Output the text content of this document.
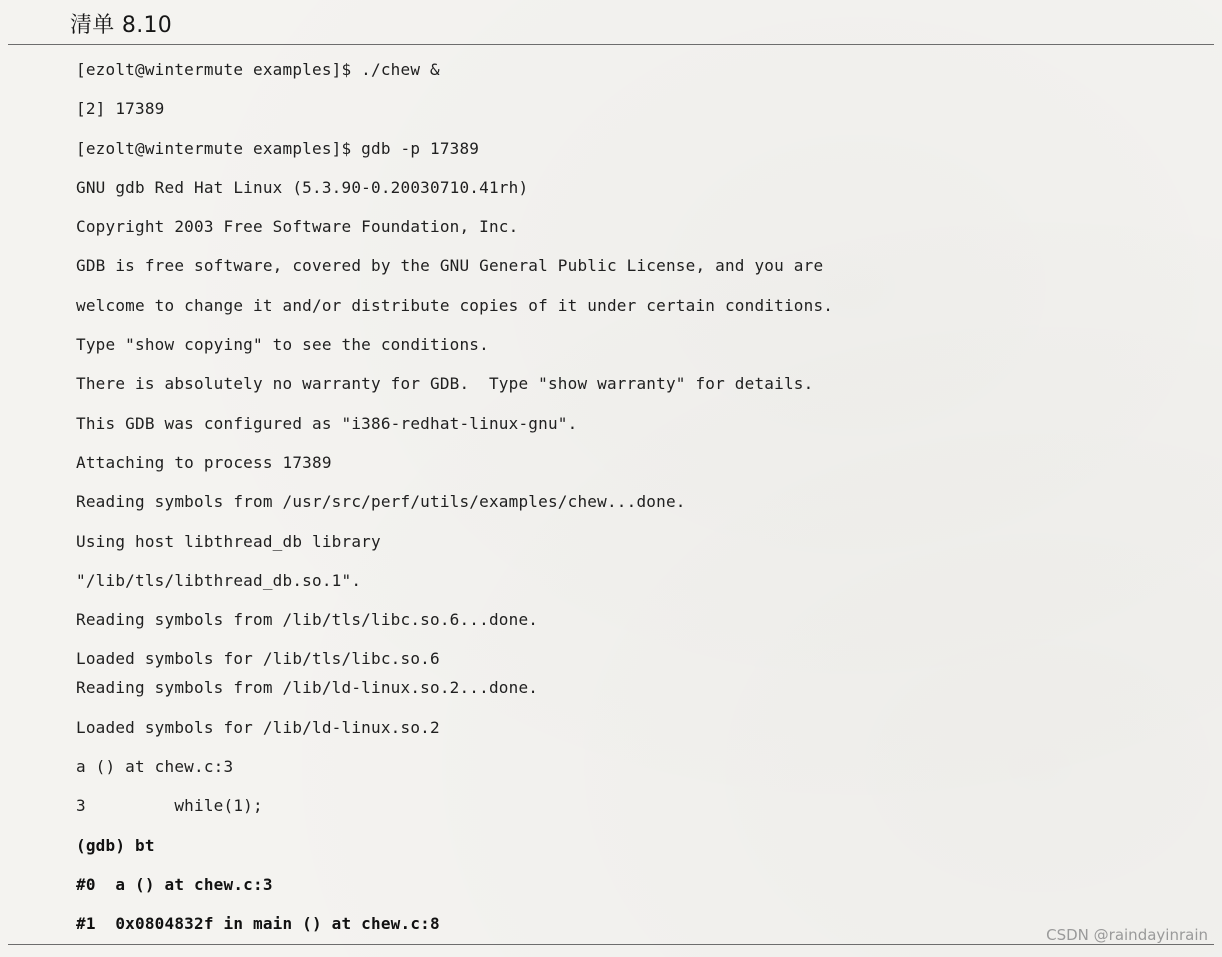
清单 8.10
[ezolt@wintermute examples]$ ./chew &
[2] 17389
[ezolt@wintermute examples]$ gdb -p 17389
GNU gdb Red Hat Linux (5.3.90-0.20030710.41rh)
Copyright 2003 Free Software Foundation, Inc.
GDB is free software, covered by the GNU General Public License, and you are
welcome to change it and/or distribute copies of it under certain conditions.
Type "show copying" to see the conditions.
There is absolutely no warranty for GDB.  Type "show warranty" for details.
This GDB was configured as "i386-redhat-linux-gnu".
Attaching to process 17389
Reading symbols from /usr/src/perf/utils/examples/chew...done.
Using host libthread_db library
"/lib/tls/libthread_db.so.1".
Reading symbols from /lib/tls/libc.so.6...done.
Loaded symbols for /lib/tls/libc.so.6
Reading symbols from /lib/ld-linux.so.2...done.
Loaded symbols for /lib/ld-linux.so.2
a () at chew.c:3
3         while(1);
(gdb) bt
#0  a () at chew.c:3
#1  0x0804832f in main () at chew.c:8
CSDN @raindayinrain
